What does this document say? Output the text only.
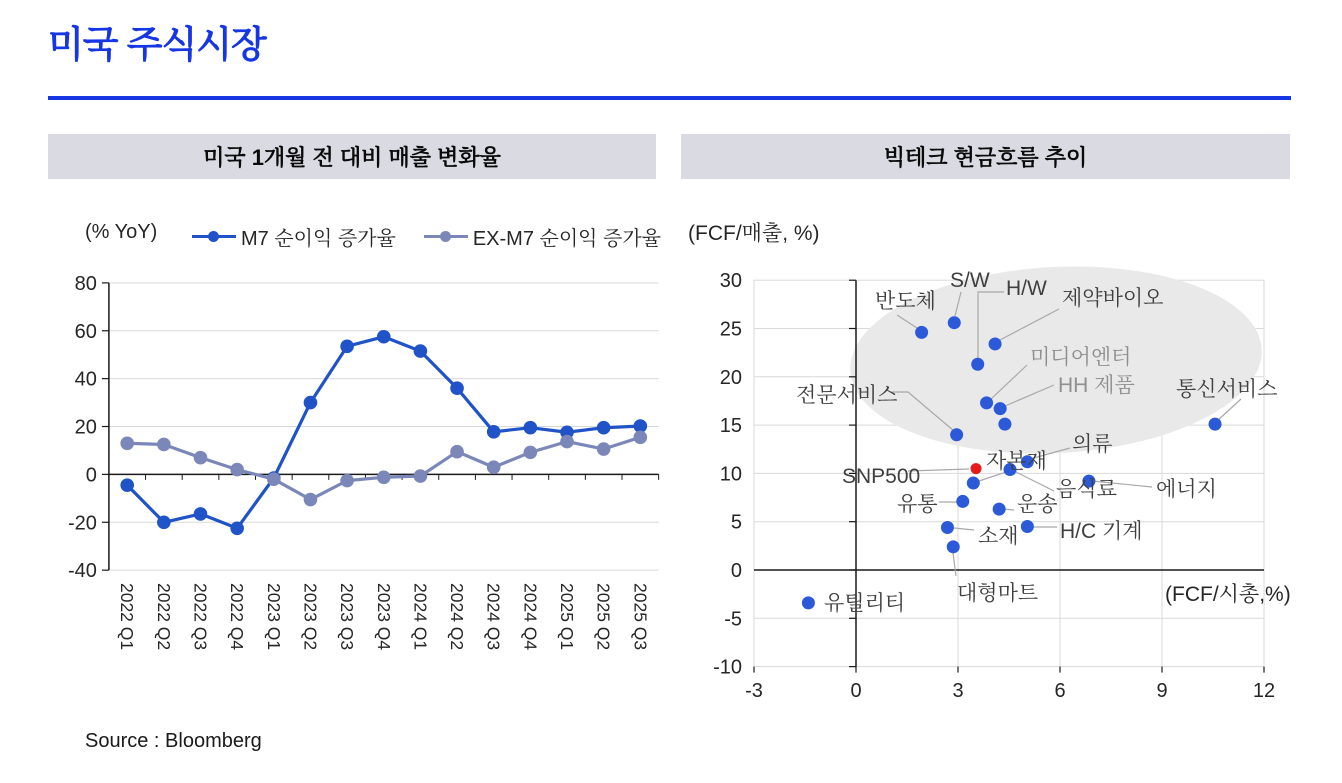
미국 주식시장
미국 1개월 전 대비 매출 변화율	빅테크 현금흐름 추이
(% YoY)	M7 순이익 증가율	EX-M7 순이익 증가율 (FCF/매출, %)
80
60
40
20
0
-20
-40
2022 Q1 2022 Q2 2022 Q3 2022 Q4 2023 Q1 2023 Q2 2023 Q3 2023 Q4 2024 Q1 2024 Q2 2024 Q3 2024 Q4 2025 Q1 2025 Q2 2025 Q3
30
25
20
15
10
5
0
-5
-10
-3	0	3	6	9	12
(FCF/시총,%)
반도체
S/W H/W 제약바이오
미디어엔터
HH 제품 통신서비스
전문서비스
SNP500
자본재
의류
음식료
유통	운송
에너지
소재 H/C 기계
대형마트
유틸리티
Source : Bloomberg
